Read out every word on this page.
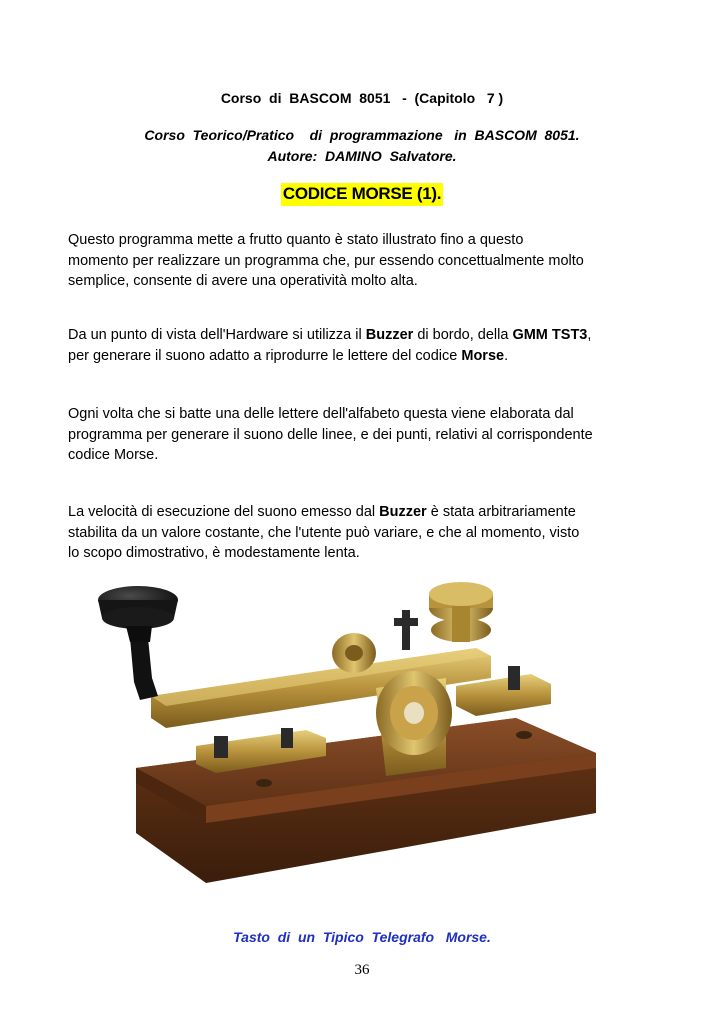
Corso  di  BASCOM  8051   -  (Capitolo   7 )
Corso  Teorico/Pratico    di  programmazione   in  BASCOM  8051.
Autore:  DAMINO  Salvatore.
CODICE MORSE (1).
Questo programma mette a frutto quanto è stato illustrato fino a questo
momento per realizzare un programma che, pur essendo concettualmente molto
semplice, consente di avere una operatività molto alta.
Da un punto di vista dell'Hardware si utilizza il Buzzer di bordo, della GMM TST3,
per generare il suono adatto a riprodurre le lettere del codice Morse.
Ogni volta che si batte una delle lettere dell'alfabeto questa viene elaborata dal
programma per generare il suono delle linee, e dei punti, relativi al corrispondente
codice Morse.
La velocità di esecuzione del suono emesso dal Buzzer è stata arbitrariamente
stabilita da un valore costante, che l'utente può variare, e che al momento, visto
lo scopo dimostrativo, è modestamente lenta.
Tasto  di  un  Tipico  Telegrafo   Morse.
36
